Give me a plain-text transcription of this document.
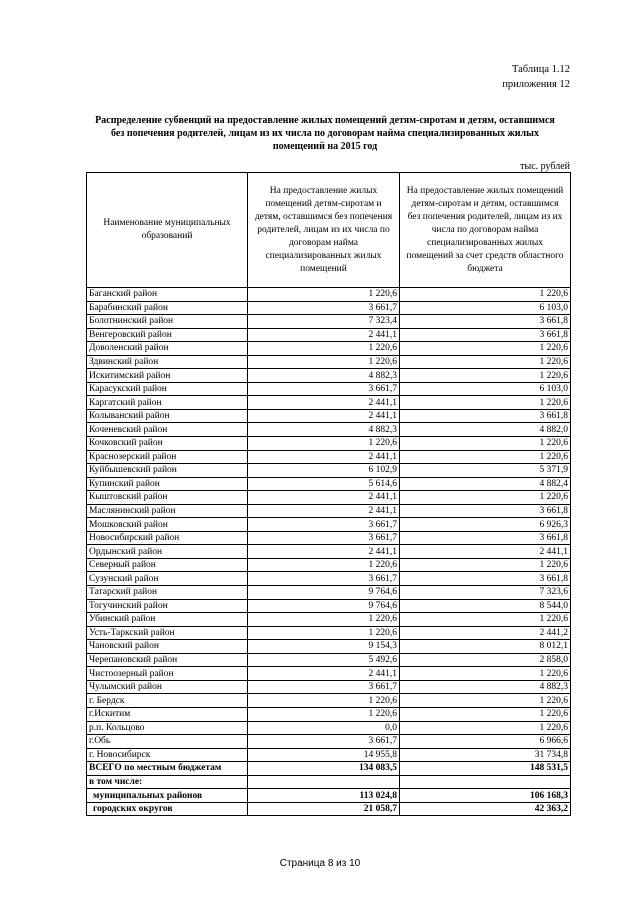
Таблица 1.12
приложения 12
Распределение субвенций на предоставление жилых помещений детям-сиротам и детям, оставшимся
без попечения родителей, лицам из их числа по договорам найма специализированных жилых
помещений на 2015 год
тыс. рублей
Наименование муниципальных образований	На предоставление жилых помещений детям-сиротам и детям, оставшимся без попечения родителей, лицам из их числа по договорам найма специализированных жилых помещений	На предоставление жилых помещений детям-сиротам и детям, оставшимся без попечения родителей, лицам из их числа по договорам найма специализированных жилых помещений за счет средств областного бюджета
Баганский район	1 220,6	1 220,6
Барабинский район	3 661,7	6 103,0
Болотнинский район	7 323,4	3 661,8
Венгеровский район	2 441,1	3 661,8
Доволенский район	1 220,6	1 220,6
Здвинский район	1 220,6	1 220,6
Искитимский район	4 882,3	1 220,6
Карасукский район	3 661,7	6 103,0
Каргатский район	2 441,1	1 220,6
Колыванский район	2 441,1	3 661,8
Коченевский район	4 882,3	4 882,0
Кочковский район	1 220,6	1 220,6
Краснозерский район	2 441,1	1 220,6
Куйбышевский район	6 102,9	5 371,9
Купинский район	5 614,6	4 882,4
Кыштовский район	2 441,1	1 220,6
Маслянинский район	2 441,1	3 661,8
Мошковский район	3 661,7	6 926,3
Новосибирский район	3 661,7	3 661,8
Ордынский район	2 441,1	2 441,1
Северный район	1 220,6	1 220,6
Сузунский район	3 661,7	3 661,8
Татарский район	9 764,6	7 323,6
Тогучинский район	9 764,6	8 544,0
Убинский район	1 220,6	1 220,6
Усть-Таркский район	1 220,6	2 441,2
Чановский район	9 154,3	8 012,1
Черепановский район	5 492,6	2 858,0
Чистоозерный район	2 441,1	1 220,6
Чулымский район	3 661,7	4 882,3
г. Бердск	1 220,6	1 220,6
г.Искитим	1 220,6	1 220,6
р.п. Кольцово	0,0	1 220,6
г.Обь	3 661,7	6 966,6
г. Новосибирск	14 955,8	31 734,8
ВСЕГО по местным бюджетам	134 083,5	148 531,5
в том числе:		
муниципальных районов	113 024,8	106 168,3
городских округов	21 058,7	42 363,2
Страница 8 из 10
